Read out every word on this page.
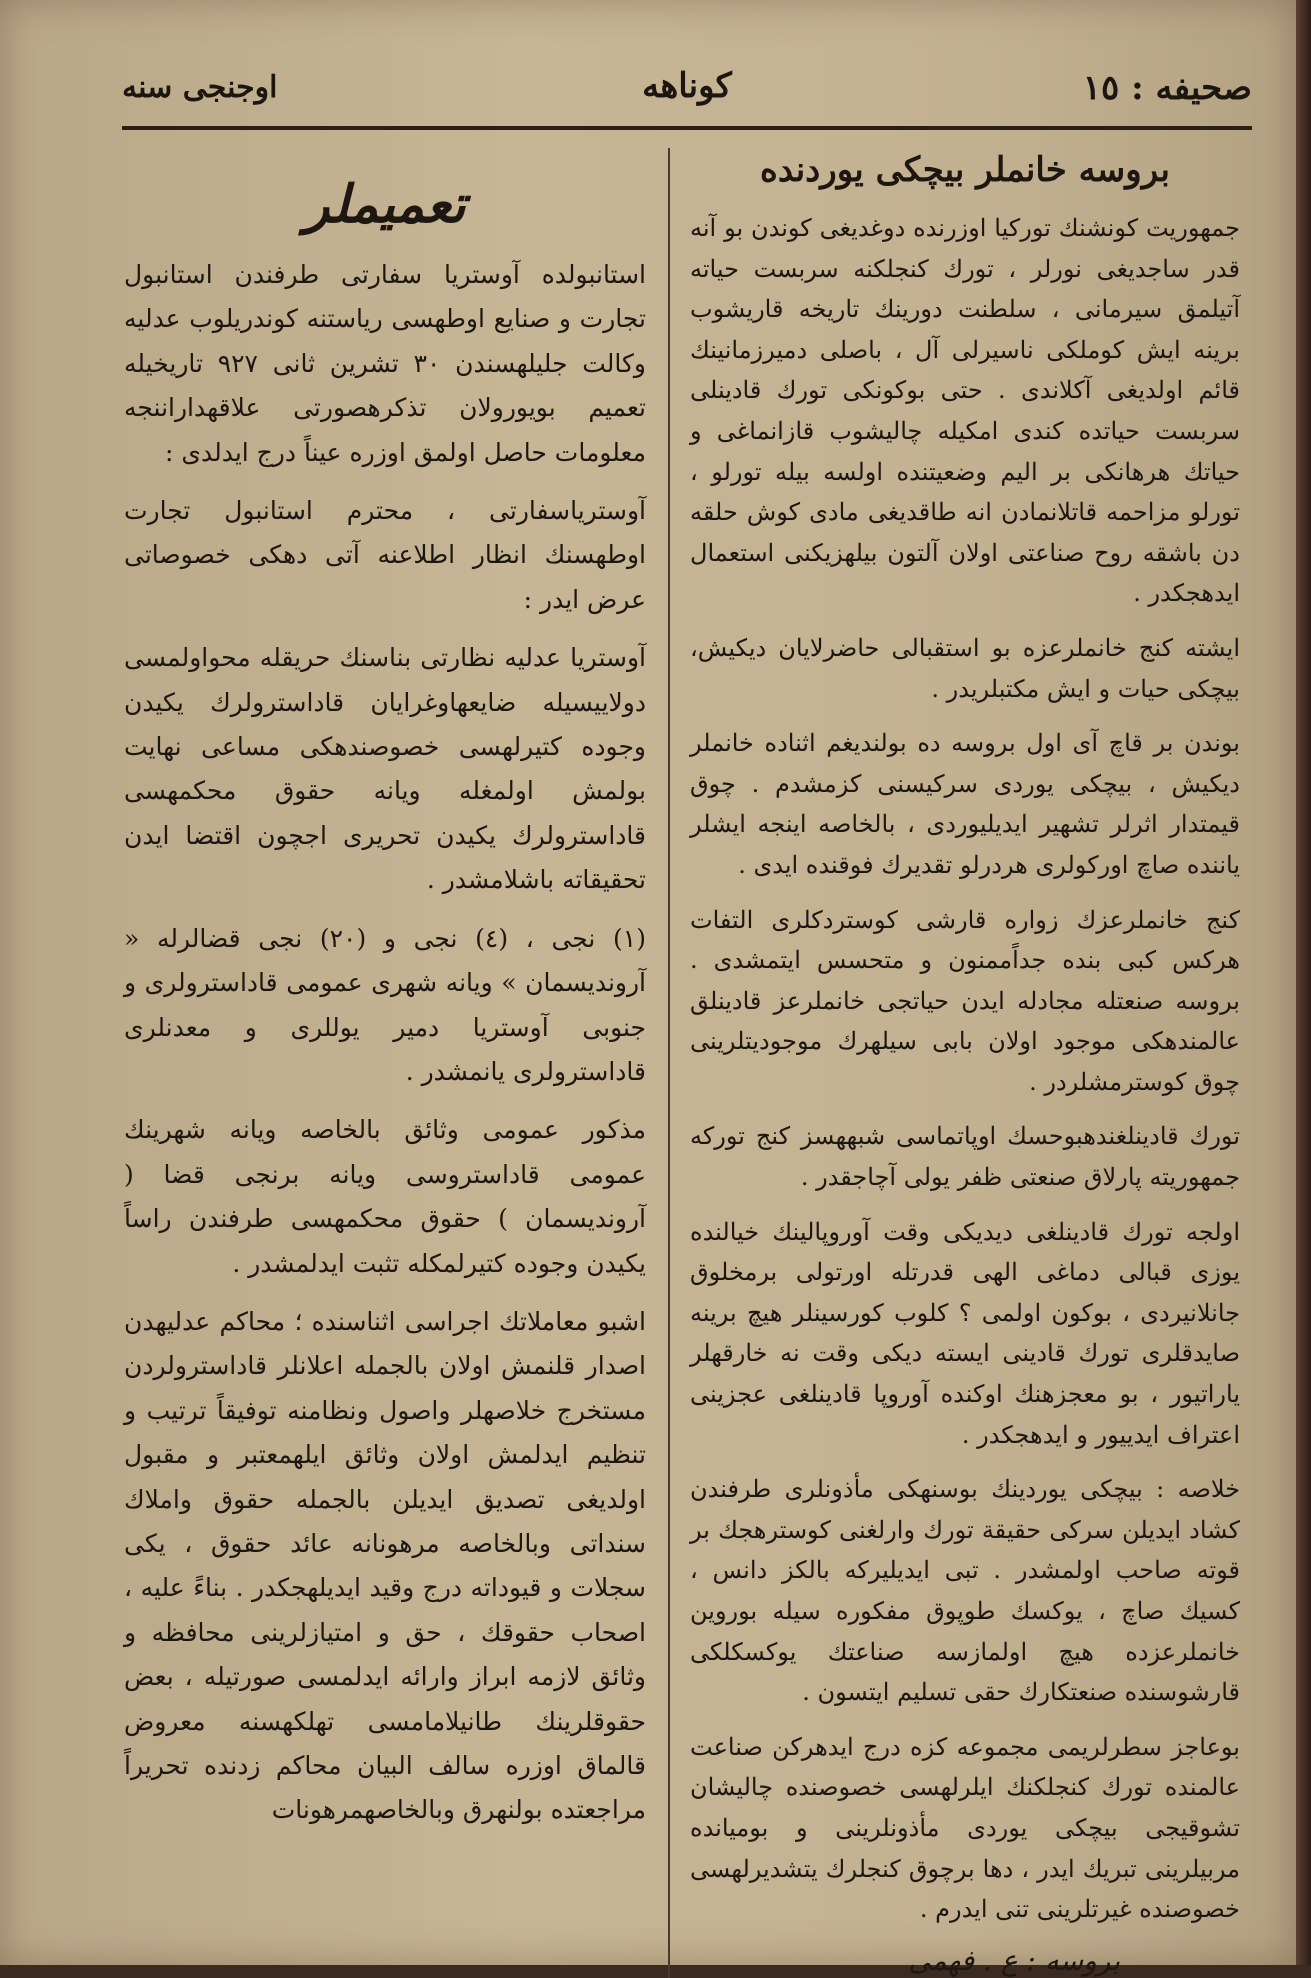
صحیفه : ١٥
كوناهه
اوجنجی سنه
بروسه خانملر بیچكی یوردنده

جمهوریت كونشنك توركیا اوزرنده دوغدیغی كوندن بو آنه قدر ساجدیغی نورلر ، تورك كنجلكنه سربست حیاته آتیلمق سیرمانی ، سلطنت دورینك تاریخه قاریشوب برینه ایش كوملكی ناسیرلی آل ، باصلی دمیرزمانینك قائم اولدیغی آكلاندی . حتی بوكونكی تورك قادینلی سربست حیاتده كندی امكیله چالیشوب قازانماغی و حیاتك هرهانكی بر الیم وضعیتنده اولسه بیله تورلو ، تورلو مزاحمه قاتلانمادن انه طاقدیغی مادی كوش حلقه دن باشقه روح صناعتی اولان آلتون بیلهزیكنی استعمال ایدهجكدر .

ایشته كنج خانملرعزه بو استقبالی حاضرلایان دیكیش، بیچكی حیات و ایش مكتبلریدر .

بوندن بر قاچ آی اول بروسه ده بولندیغم اثناده خانملر دیكیش ، بیچكی یوردی سركیسنی كزمشدم . چوق قیمتدار اثرلر تشهیر ایدیلیوردی ، بالخاصه اینجه ایشلر یاننده صاچ اوركولری هردرلو تقدیرك فوقنده ایدی .

كنج خانملرعزك زواره قارشی كوستردكلری التفات هركس كبی بنده جداًممنون و متحسس ایتمشدی . بروسه صنعتله مجادله ایدن حیاتجی خانملرعز قادینلق عالمندهكی موجود اولان بابی سیلهرك موجودیتلرینی چوق كوسترمشلردر .

تورك قادینلغندهبوحسك اوپاتماسی شبههسز كنج توركه جمهوریته پارلاق صنعتی ظفر یولی آچاجقدر .

اولجه تورك قادینلغی دیدیكی وقت آوروپالینك خیالنده یوزی قبالی دماغی الهی قدرتله اورتولی برمخلوق جانلانیردی ، بوكون اولمی ؟ كلوب كورسینلر هیچ برینه صایدقلری تورك قادینی ایسته دیكی وقت نه خارقهلر یاراتیور ، بو معجزهنك اوكنده آوروپا قادینلغی عجزینی اعتراف ایدییور و ایدهجكدر .

خلاصه : بیچكی یوردینك بوسنهكی مأذونلری طرفندن كشاد ایدیلن سركی حقیقة تورك وارلغنی كوسترهجك بر قوته صاحب اولمشدر . تبی ایدیلیركه بالكز دانس ، كسیك صاچ ، یوكسك طوپوق مفكوره سیله بوروین خانملرعزده هیچ اولمازسه صناعتك یوكسكلكی قارشوسنده صنعتكارك حقی تسلیم ایتسون .

بوعاجز سطرلریمی مجموعه كزه درج ایدهركن صناعت عالمنده تورك كنجلكنك ایلرلهسی خصوصنده چالیشان تشوقیجی بیچكی یوردی مأذونلرینی و بومیانده مربیلرینی تبریك ایدر ، دها برچوق كنجلرك یتشدیرلهسی خصوصنده غیرتلرینی تنی ایدرم .

بروسه : ع . فهمی
تعمیملر

استانبولده آوستریا سفارتی طرفندن استانبول تجارت و صنایع اوطهسی ریاستنه كوندریلوب عدلیه وكالت جلیلهسندن ٣٠ تشرین ثانی ٩٢٧ تاریخیله تعمیم بویورولان تذكرهصورتی علاقهداراننجه معلومات حاصل اولمق اوزره عیناً درج ایدلدی :

آوستریاسفارتی ، محترم استانبول تجارت اوطهسنك انظار اطلاعنه آتی دهكی خصوصاتی عرض ایدر :

آوستریا عدلیه نظارتی بناسنك حریقله محواولمسی دولاییسیله ضایعهاوغرایان قاداسترولرك یكیدن وجوده كتیرلهسی خصوصندهكی مساعی نهایت بولمش اولمغله ویانه حقوق محكمهسی قاداسترولرك یكیدن تحریری اجچون اقتضا ایدن تحقیقاته باشلامشدر .

(١) نجی ، (٤) نجی و (٢٠) نجی قضالرله « آروندیسمان » ویانه شهری عمومی قاداسترولری و جنوبی آوستریا دمیر یوللری و معدنلری قاداسترولری یانمشدر .

مذكور عمومی وثائق بالخاصه ویانه شهرینك عمومی قاداستروسی ویانه برنجی قضا ( آروندیسمان ) حقوق محكمهسی طرفندن راساً یكیدن وجوده كتیرلمكله تثبت ایدلمشدر .

اشبو معاملاتك اجراسی اثناسنده ؛ محاكم عدلیهدن اصدار قلنمش اولان بالجمله اعلانلر قاداسترولردن مستخرج خلاصهلر واصول ونظامنه توفیقاً ترتیب و تنظیم ایدلمش اولان وثائق ایلهمعتبر و مقبول اولدیغی تصدیق ایدیلن بالجمله حقوق واملاك سنداتی وبالخاصه مرهونانه عائد حقوق ، یكی سجلات و قیوداته درج وقید ایدیلهجكدر . بناءً علیه ، اصحاب حقوقك ، حق و امتیازلرینی محافظه و وثائق لازمه ابراز وارائه ایدلمسی صورتیله ، بعض حقوقلرینك طانیلامامسی تهلكهسنه معروض قالماق اوزره سالف البیان محاكم زدنده تحریراً مراجعتده بولنهرق وبالخاصهمرهونات
